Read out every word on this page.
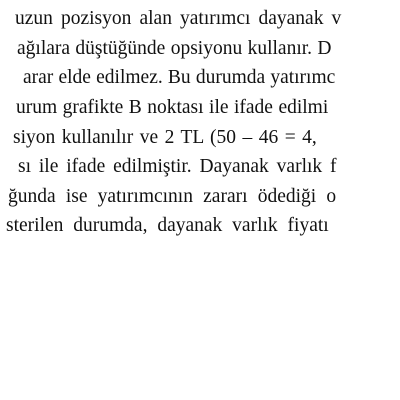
uzun pozisyon alan yatırımcı dayanak v
ağılara düştüğünde opsiyonu kullanır. D
arar elde edilmez. Bu durumda yatırımc
urum grafikte B noktası ile ifade edilmi
siyon kullanılır ve 2 TL (50 – 46 = 4,
sı ile ifade edilmiştir. Dayanak varlık f
ğunda ise yatırımcının zararı ödediği o
sterilen durumda, dayanak varlık fiyatı
